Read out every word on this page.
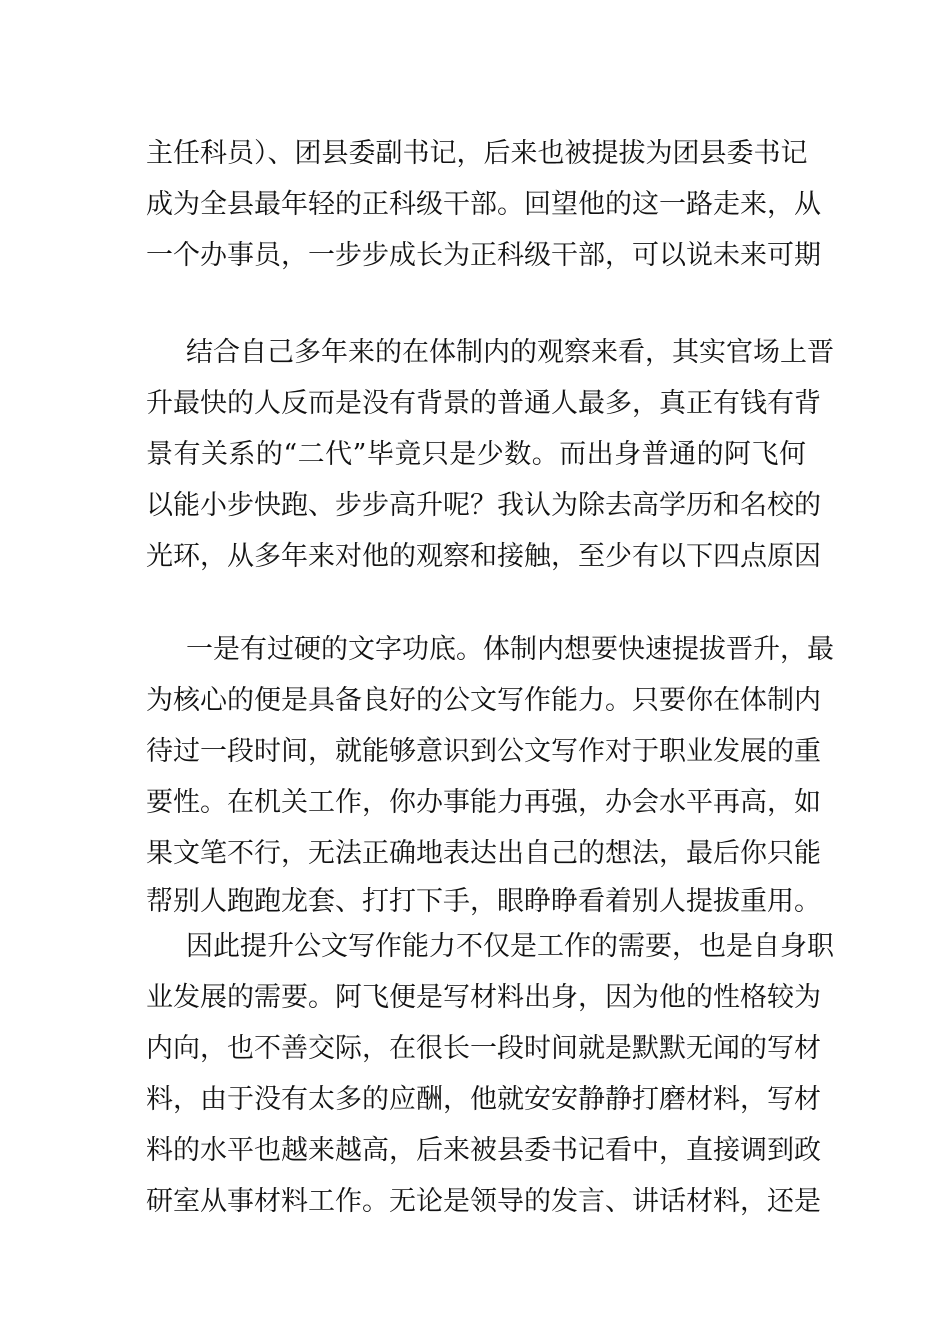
主任科员）、团县委副书记，后来也被提拔为团县委书记
成为全县最年轻的正科级干部。回望他的这一路走来，从
一个办事员，一步步成长为正科级干部，可以说未来可期
结合自己多年来的在体制内的观察来看，其实官场上晋
升最快的人反而是没有背景的普通人最多，真正有钱有背
景有关系的“二代”毕竟只是少数。而出身普通的阿飞何
以能小步快跑、步步高升呢？我认为除去高学历和名校的
光环，从多年来对他的观察和接触，至少有以下四点原因
一是有过硬的文字功底。体制内想要快速提拔晋升，最
为核心的便是具备良好的公文写作能力。只要你在体制内
待过一段时间，就能够意识到公文写作对于职业发展的重
要性。在机关工作，你办事能力再强，办会水平再高，如
果文笔不行，无法正确地表达出自己的想法，最后你只能
帮别人跑跑龙套、打打下手，眼睁睁看着别人提拔重用。
因此提升公文写作能力不仅是工作的需要，也是自身职
业发展的需要。阿飞便是写材料出身，因为他的性格较为
内向，也不善交际，在很长一段时间就是默默无闻的写材
料，由于没有太多的应酬，他就安安静静打磨材料，写材
料的水平也越来越高，后来被县委书记看中，直接调到政
研室从事材料工作。无论是领导的发言、讲话材料，还是
